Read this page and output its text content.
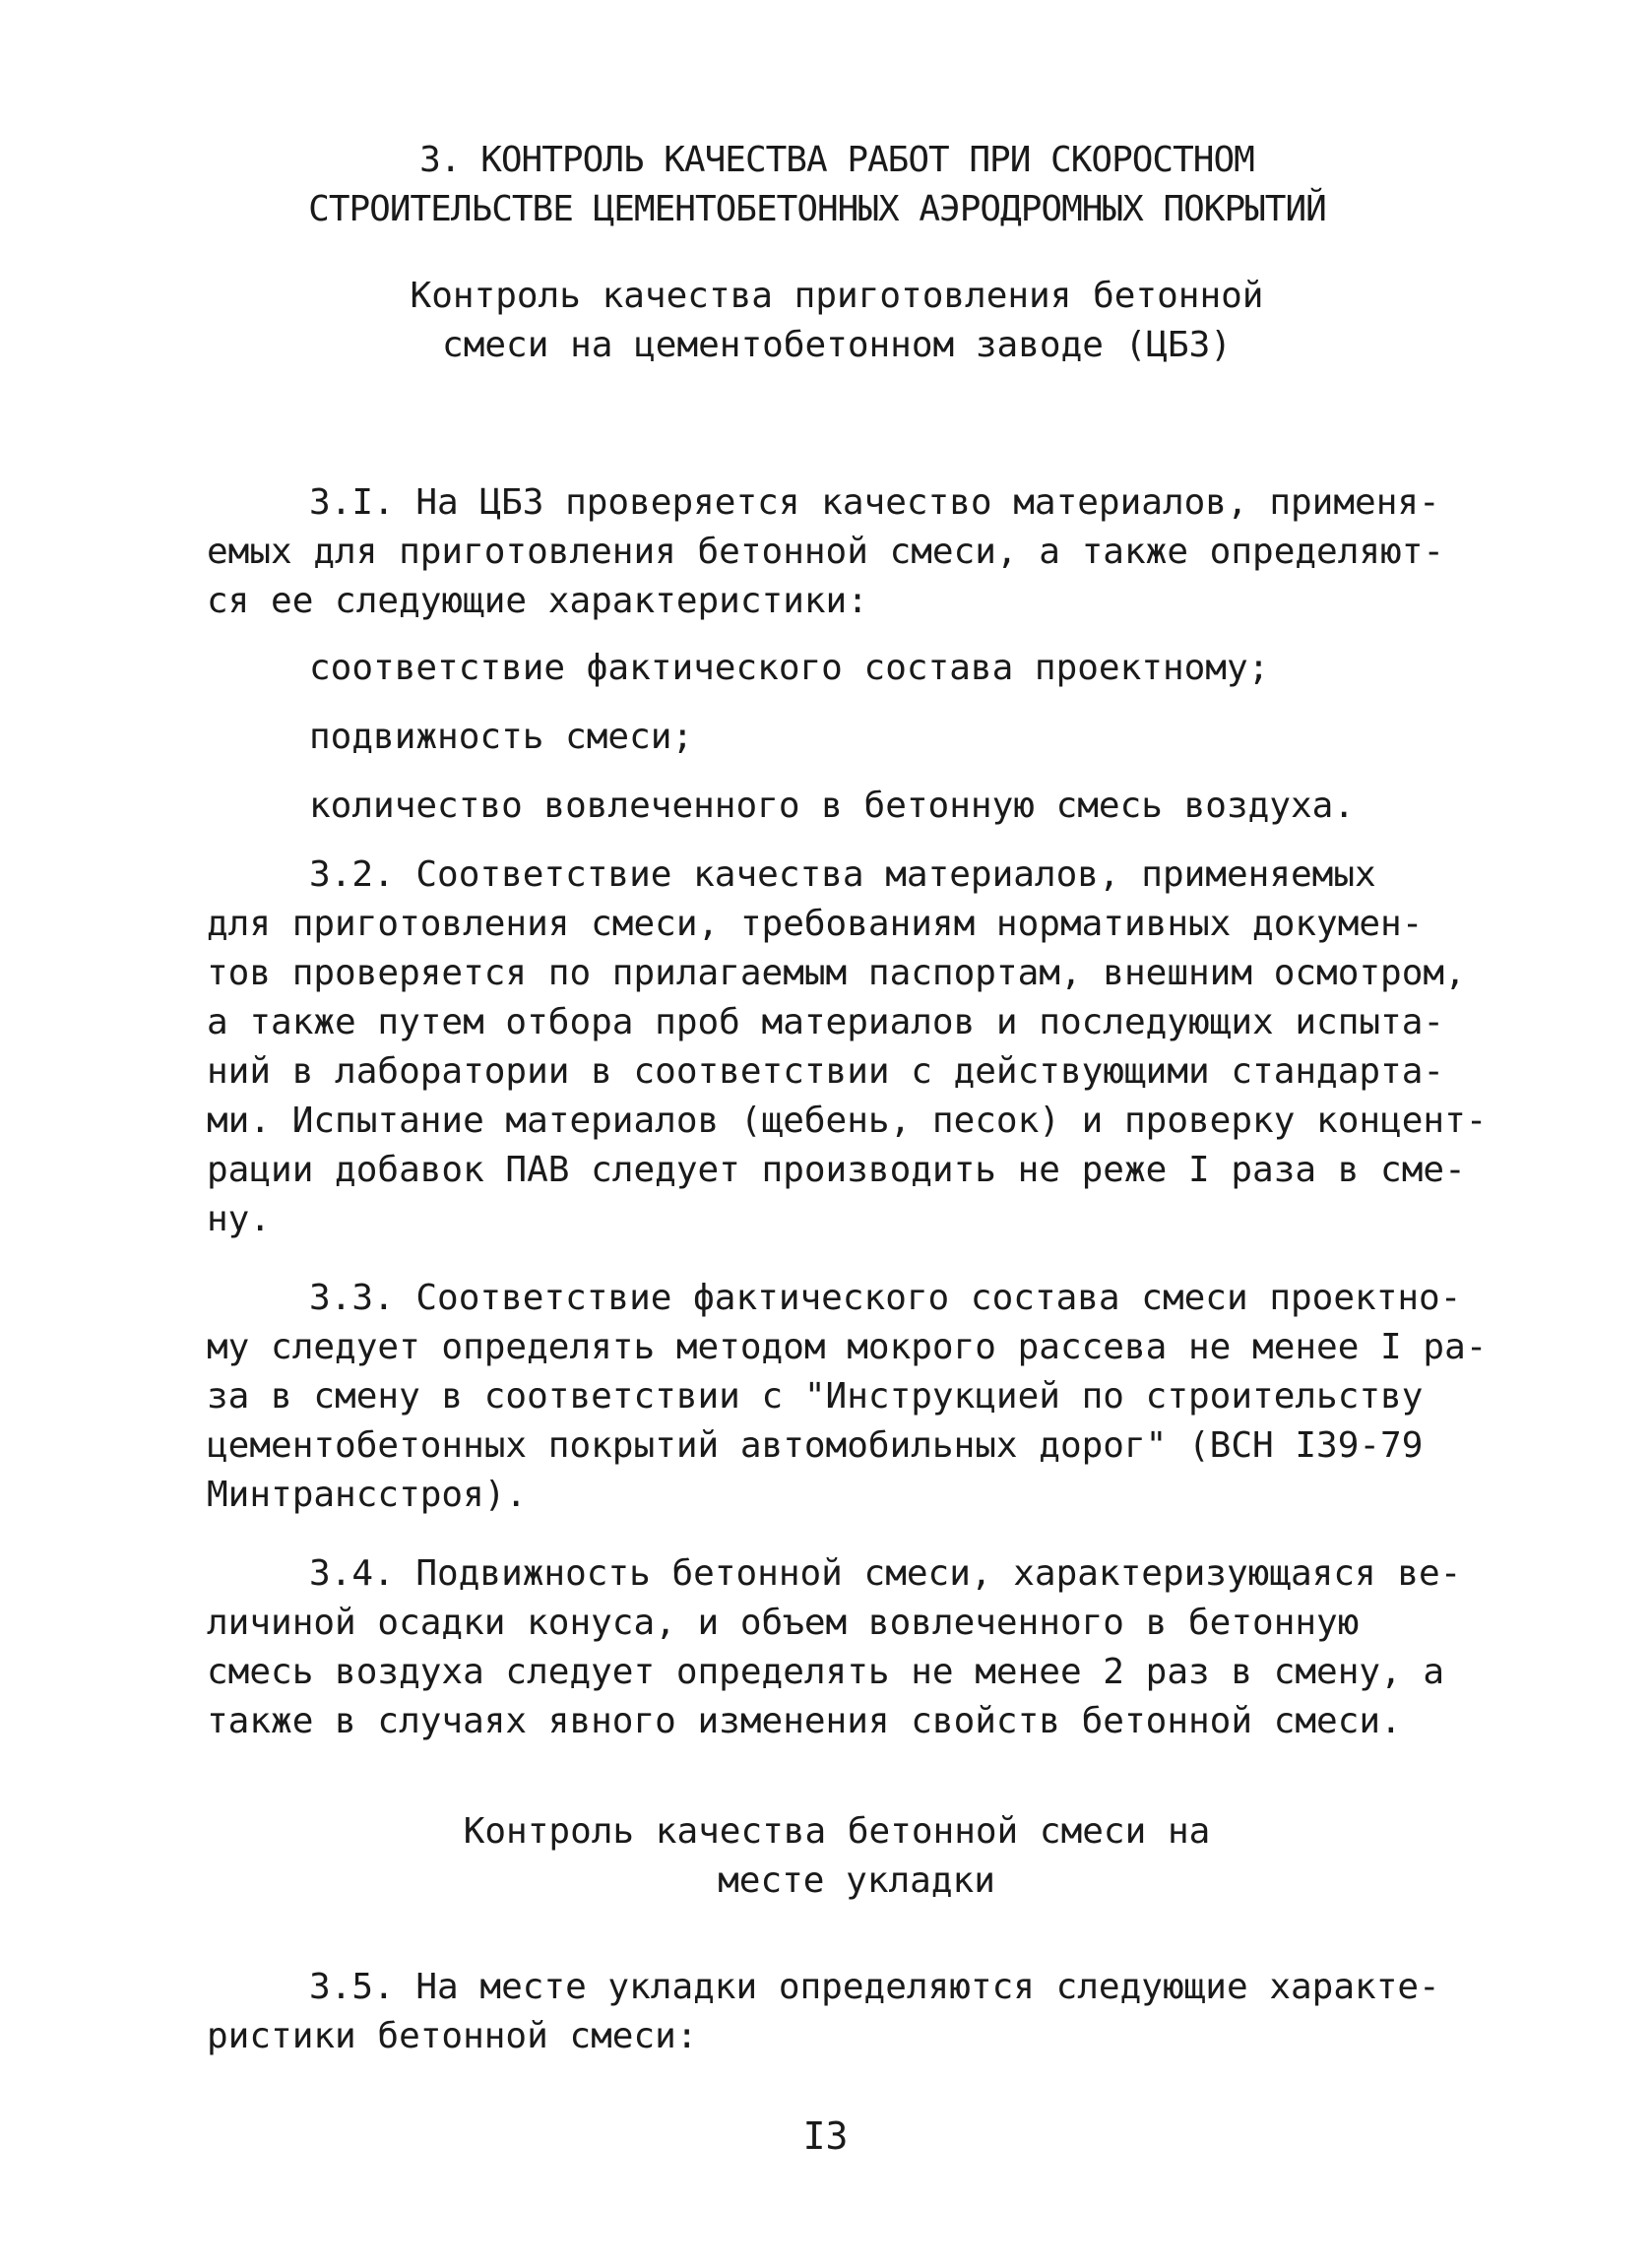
3. КОНТРОЛЬ КАЧЕСТВА РАБОТ ПРИ СКОРОСТНОМ

СТРОИТЕЛЬСТВЕ ЦЕМЕНТОБЕТОННЫХ АЭРОДРОМНЫХ ПОКРЫТИЙ

Контроль качества приготовления бетонной

смеси на цементобетонном заводе (ЦБЗ)

3.I. На ЦБЗ проверяется качество материалов, применя-

емых для приготовления бетонной смеси, а также определяют-

ся ее следующие характеристики:

соответствие фактического состава проектному;

подвижность смеси;

количество вовлеченного в бетонную смесь воздуха.

3.2. Соответствие качества материалов, применяемых

для приготовления смеси, требованиям нормативных докумен-

тов проверяется по прилагаемым паспортам, внешним осмотром,

а также путем отбора проб материалов и последующих испыта-

ний в лаборатории в соответствии с действующими стандарта-

ми. Испытание материалов (щебень, песок) и проверку концент-

рации добавок ПАВ следует производить не реже I раза в сме-

ну.

3.3. Соответствие фактического состава смеси проектно-

му следует определять методом мокрого рассева не менее I ра-

за в смену в соответствии с "Инструкцией по строительству

цементобетонных покрытий автомобильных дорог" (ВСН I39-79

Минтрансстроя).

3.4. Подвижность бетонной смеси, характеризующаяся ве-

личиной осадки конуса, и объем вовлеченного в бетонную

смесь воздуха следует определять не менее 2 раз в смену, а

также в случаях явного изменения свойств бетонной смеси.

Контроль качества бетонной смеси на

месте укладки

3.5. На месте укладки определяются следующие характе-

ристики бетонной смеси:

I3
